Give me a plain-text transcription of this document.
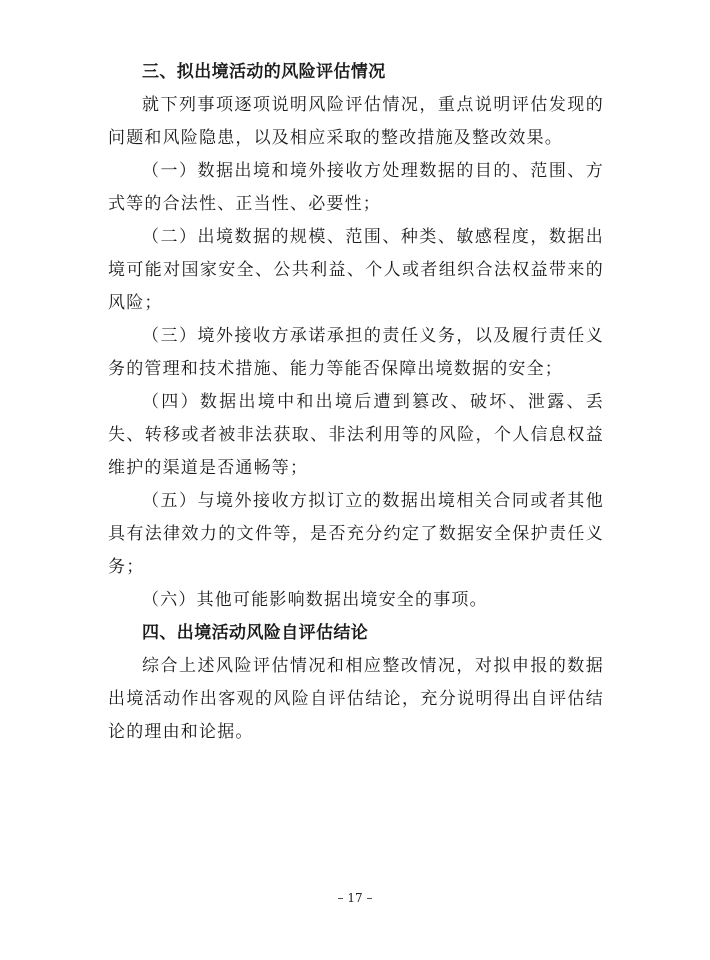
三、拟出境活动的风险评估情况

就下列事项逐项说明风险评估情况，重点说明评估发现的问题和风险隐患，以及相应采取的整改措施及整改效果。

（一）数据出境和境外接收方处理数据的目的、范围、方式等的合法性、正当性、必要性；

（二）出境数据的规模、范围、种类、敏感程度，数据出境可能对国家安全、公共利益、个人或者组织合法权益带来的风险；

（三）境外接收方承诺承担的责任义务，以及履行责任义务的管理和技术措施、能力等能否保障出境数据的安全；

（四）数据出境中和出境后遭到篡改、破坏、泄露、丢失、转移或者被非法获取、非法利用等的风险，个人信息权益维护的渠道是否通畅等；

（五）与境外接收方拟订立的数据出境相关合同或者其他具有法律效力的文件等，是否充分约定了数据安全保护责任义务；

（六）其他可能影响数据出境安全的事项。

四、出境活动风险自评估结论

综合上述风险评估情况和相应整改情况，对拟申报的数据出境活动作出客观的风险自评估结论，充分说明得出自评估结论的理由和论据。

– 17 –
